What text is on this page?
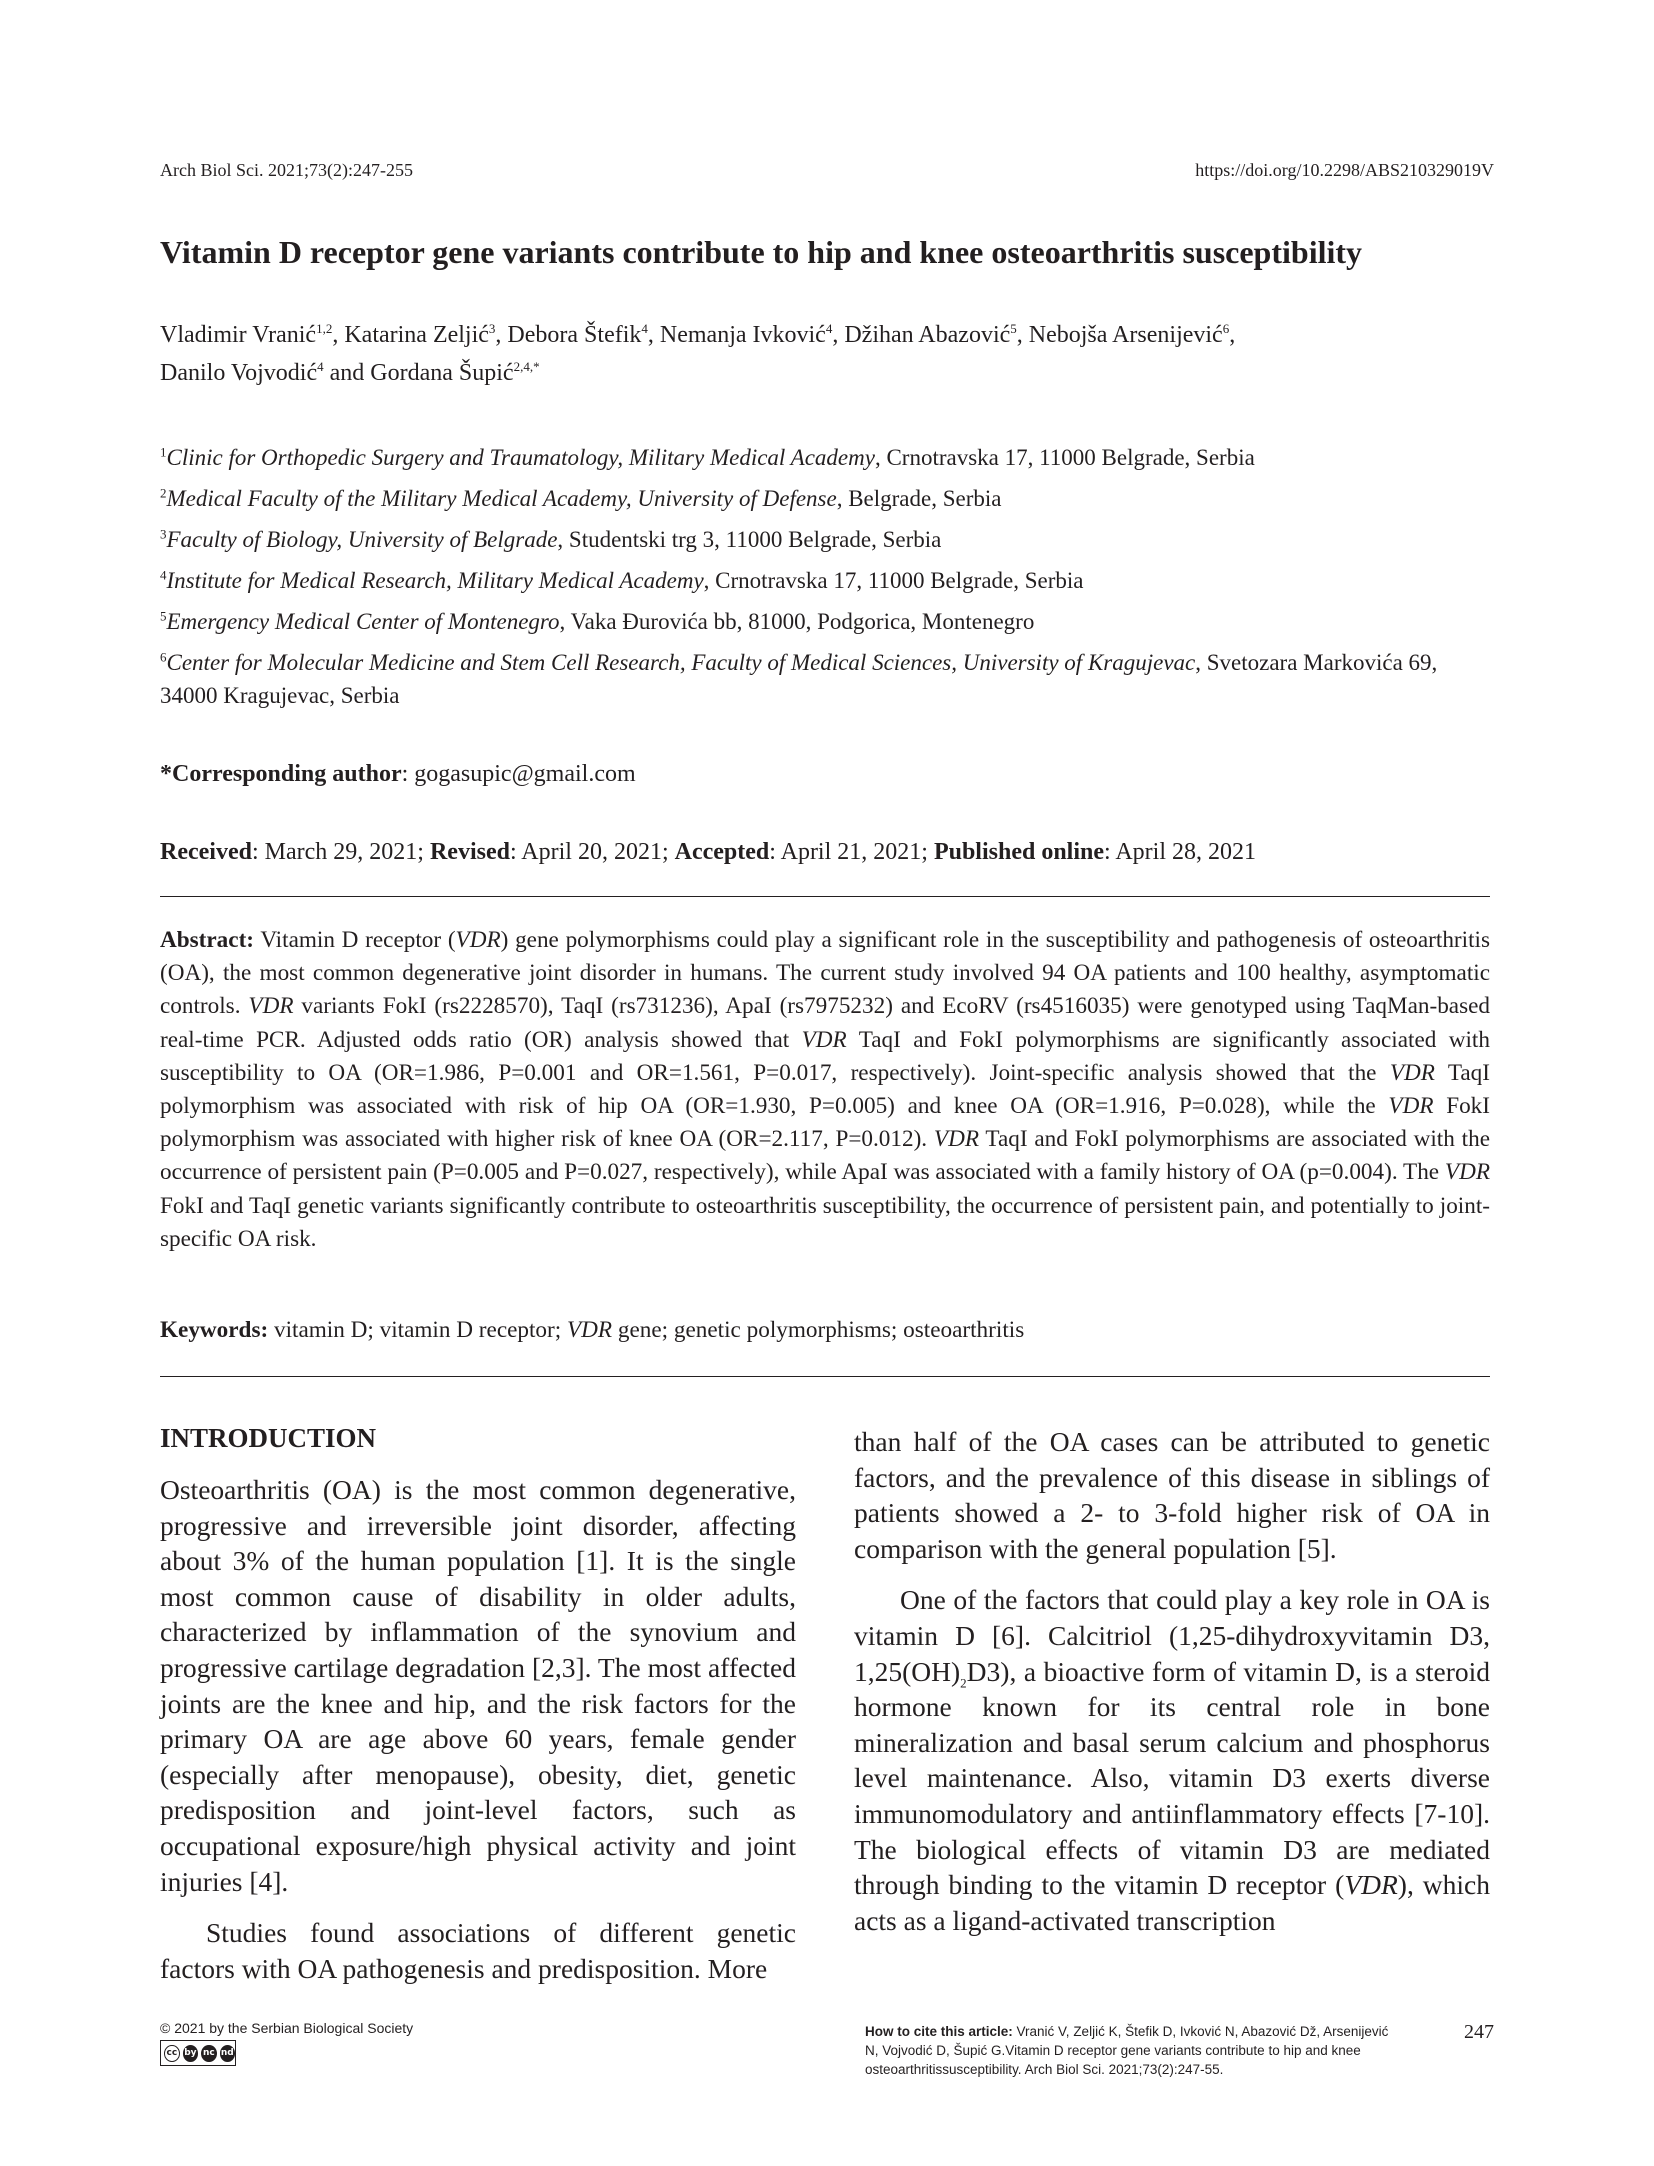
Arch Biol Sci. 2021;73(2):247-255	https://doi.org/10.2298/ABS210329019V
Vitamin D receptor gene variants contribute to hip and knee osteoarthritis susceptibility
Vladimir Vranić$^{1,2}$, Katarina Zeljić$^3$, Debora Štefik$^4$, Nemanja Ivković$^4$, Džihan Abazović$^5$, Nebojša Arsenijević$^6$,
Danilo Vojvodić$^4$ and Gordana Šupić$^{2,4,*}$
$^1$Clinic for Orthopedic Surgery and Traumatology, Military Medical Academy, Crnotravska 17, 11000 Belgrade, Serbia
$^2$Medical Faculty of the Military Medical Academy, University of Defense, Belgrade, Serbia
$^3$Faculty of Biology, University of Belgrade, Studentski trg 3, 11000 Belgrade, Serbia
$^4$Institute for Medical Research, Military Medical Academy, Crnotravska 17, 11000 Belgrade, Serbia
$^5$Emergency Medical Center of Montenegro, Vaka Đurovića bb, 81000, Podgorica, Montenegro
$^6$Center for Molecular Medicine and Stem Cell Research, Faculty of Medical Sciences, University of Kragujevac, Svetozara Markovića 69, 34000 Kragujevac, Serbia
*Corresponding author: gogasupic@gmail.com
Received: March 29, 2021; Revised: April 20, 2021; Accepted: April 21, 2021; Published online: April 28, 2021
Abstract: Vitamin D receptor (VDR) gene polymorphisms could play a significant role in the susceptibility and pathogenesis of osteoarthritis (OA), the most common degenerative joint disorder in humans. The current study involved 94 OA patients and 100 healthy, asymptomatic controls. VDR variants FokI (rs2228570), TaqI (rs731236), ApaI (rs7975232) and EcoRV (rs4516035) were genotyped using TaqMan-based real-time PCR. Adjusted odds ratio (OR) analysis showed that VDR TaqI and FokI polymorphisms are significantly associated with susceptibility to OA (OR=1.986, P=0.001 and OR=1.561, P=0.017, respectively). Joint-specific analysis showed that the VDR TaqI polymorphism was associated with risk of hip OA (OR=1.930, P=0.005) and knee OA (OR=1.916, P=0.028), while the VDR FokI polymorphism was associated with higher risk of knee OA (OR=2.117, P=0.012). VDR TaqI and FokI polymorphisms are associated with the occurrence of persistent pain (P=0.005 and P=0.027, respectively), while ApaI was associated with a family history of OA (p=0.004). The VDR FokI and TaqI genetic variants significantly contribute to osteoarthritis susceptibility, the occurrence of persistent pain, and potentially to joint-specific OA risk.
Keywords: vitamin D; vitamin D receptor; VDR gene; genetic polymorphisms; osteoarthritis
INTRODUCTION

Osteoarthritis (OA) is the most common degenerative, progressive and irreversible joint disorder, affecting about 3% of the human population [1]. It is the single most common cause of disability in older adults, characterized by inflammation of the synovium and progressive cartilage degradation [2,3]. The most affected joints are the knee and hip, and the risk factors for the primary OA are age above 60 years, female gender (especially after menopause), obesity, diet, genetic predisposition and joint-level factors, such as occupational exposure/high physical activity and joint injuries [4].

Studies found associations of different genetic factors with OA pathogenesis and predisposition. More

than half of the OA cases can be attributed to genetic factors, and the prevalence of this disease in siblings of patients showed a 2- to 3-fold higher risk of OA in comparison with the general population [5].

One of the factors that could play a key role in OA is vitamin D [6]. Calcitriol (1,25-dihydroxyvitamin D3, $1,25(OH)_2D3$), a bioactive form of vitamin D, is a steroid hormone known for its central role in bone mineralization and basal serum calcium and phosphorus level maintenance. Also, vitamin D3 exerts diverse immunomodulatory and antiinflammatory effects [7-10]. The biological effects of vitamin D3 are mediated through binding to the vitamin D receptor (VDR), which acts as a ligand-activated transcription

© 2021 by the Serbian Biological Society
cc by nc nd
How to cite this article: Vranić V, Zeljić K, Štefik D, Ivković N, Abazović Dž, Arsenijević N, Vojvodić D, Šupić G.Vitamin D receptor gene variants contribute to hip and knee osteoarthritissusceptibility. Arch Biol Sci. 2021;73(2):247-55.
247
